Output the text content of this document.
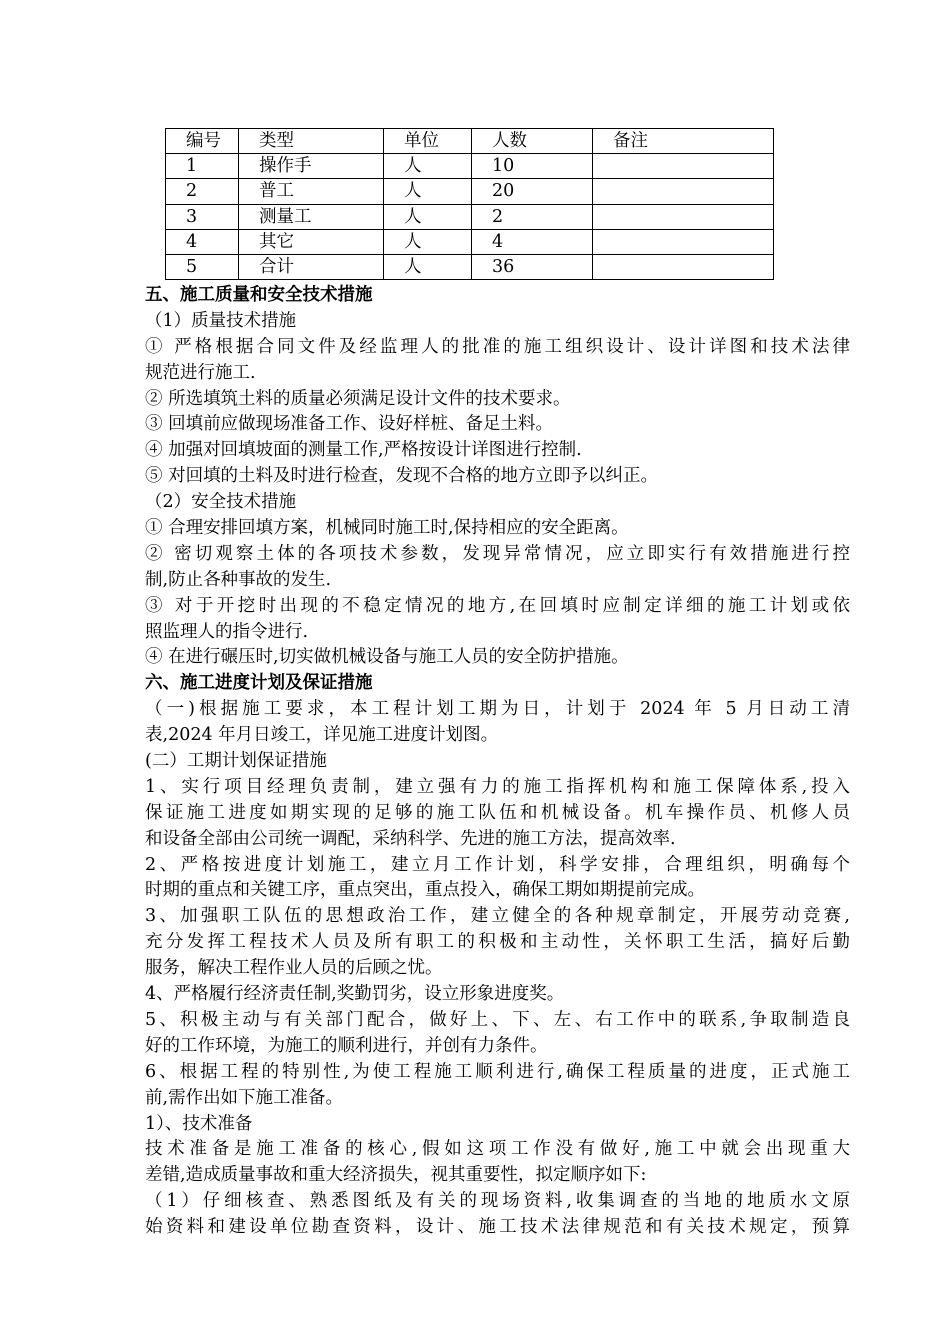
编号	类型	单位	人数	备注
1	操作手	人	10	
2	普工	人	20	
3	测量工	人	2	
4	其它	人	4	
5	合计	人	36	
五、施工质量和安全技术措施
（1）质量技术措施
① 严格根据合同文件及经监理人的批准的施工组织设计、设计详图和技术法律
规范进行施工.
② 所选填筑土料的质量必须满足设计文件的技术要求。
③ 回填前应做现场准备工作、设好样桩、备足土料。
④ 加强对回填坡面的测量工作,严格按设计详图进行控制.
⑤ 对回填的土料及时进行检查，发现不合格的地方立即予以纠正。
（2）安全技术措施
① 合理安排回填方案，机械同时施工时,保持相应的安全距离。
② 密切观察土体的各项技术参数，发现异常情况，应立即实行有效措施进行控
制,防止各种事故的发生.
③ 对于开挖时出现的不稳定情况的地方,在回填时应制定详细的施工计划或依
照监理人的指令进行.
④ 在进行碾压时,切实做机械设备与施工人员的安全防护措施。
六、施工进度计划及保证措施
（一)根据施工要求，本工程计划工期为日，计划于 2024 年 5 月日动工清
表,2024 年月日竣工，详见施工进度计划图。
(二）工期计划保证措施
1、实行项目经理负责制，建立强有力的施工指挥机构和施工保障体系,投入
保证施工进度如期实现的足够的施工队伍和机械设备。机车操作员、机修人员
和设备全部由公司统一调配，采纳科学、先进的施工方法，提高效率.
2、严格按进度计划施工，建立月工作计划，科学安排，合理组织，明确每个
时期的重点和关键工序，重点突出，重点投入，确保工期如期提前完成。
3、加强职工队伍的思想政治工作，建立健全的各种规章制定，开展劳动竞赛,
充分发挥工程技术人员及所有职工的积极和主动性，关怀职工生活，搞好后勤
服务，解决工程作业人员的后顾之忧。
4、严格履行经济责任制,奖勤罚劣，设立形象进度奖。
5、积极主动与有关部门配合，做好上、下、左、右工作中的联系,争取制造良
好的工作环境，为施工的顺利进行，并创有力条件。
6、根据工程的特别性,为使工程施工顺利进行,确保工程质量的进度，正式施工
前,需作出如下施工准备。
1）、技术准备
技术准备是施工准备的核心,假如这项工作没有做好,施工中就会出现重大
差错,造成质量事故和重大经济损失，视其重要性，拟定顺序如下:
（1）仔细核查、熟悉图纸及有关的现场资料,收集调查的当地的地质水文原
始资料和建设单位勘查资料，设计、施工技术法律规范和有关技术规定，预算
